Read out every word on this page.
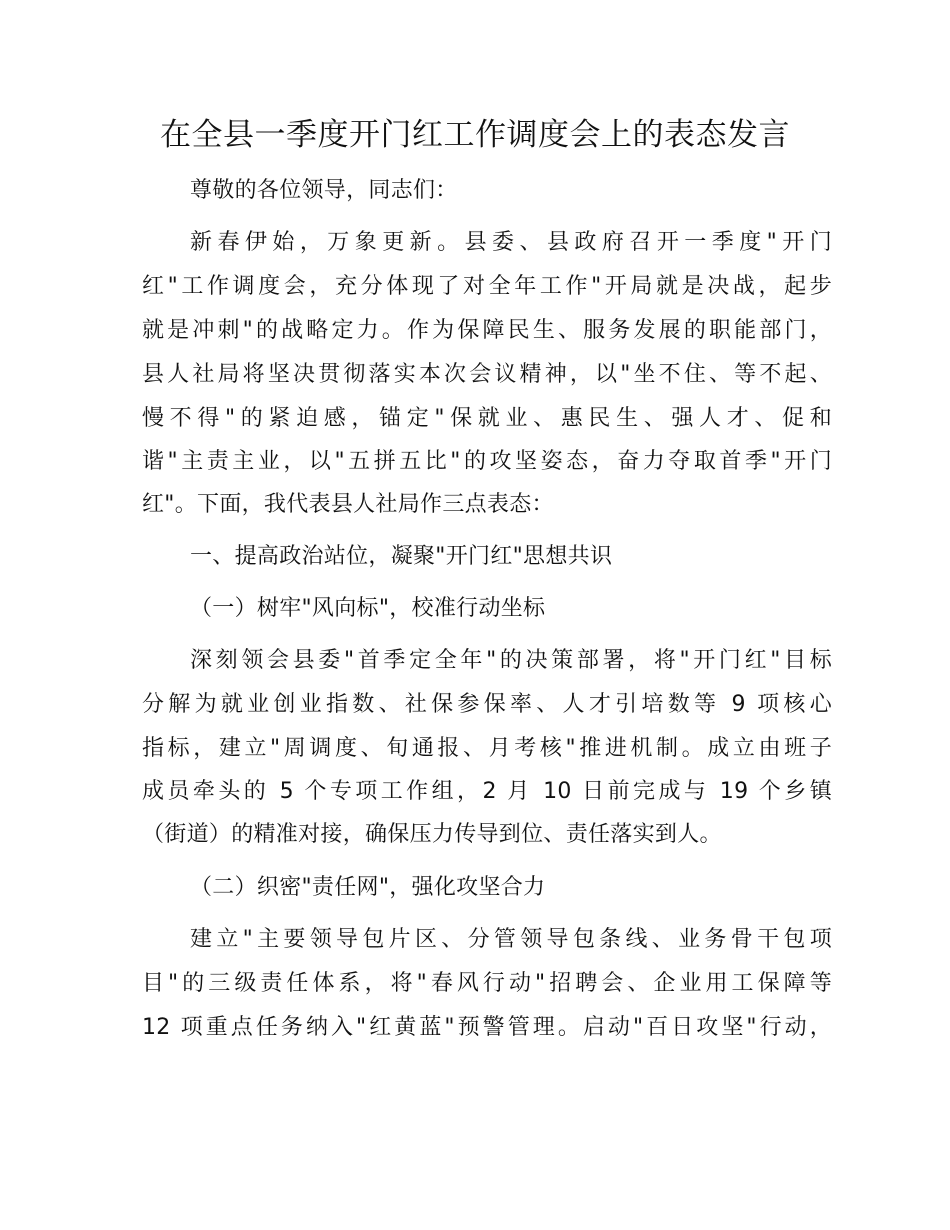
在全县一季度开门红工作调度会上的表态发言
尊敬的各位领导，同志们：
新春伊始，万象更新。县委、县政府召开一季度"开门
红"工作调度会，充分体现了对全年工作"开局就是决战，起步
就是冲刺"的战略定力。作为保障民生、服务发展的职能部门，
县人社局将坚决贯彻落实本次会议精神，以"坐不住、等不起、
慢不得"的紧迫感，锚定"保就业、惠民生、强人才、促和
谐"主责主业，以"五拼五比"的攻坚姿态，奋力夺取首季"开门
红"。下面，我代表县人社局作三点表态：
一、提高政治站位，凝聚"开门红"思想共识
（一）树牢"风向标"，校准行动坐标
深刻领会县委"首季定全年"的决策部署，将"开门红"目标
分解为就业创业指数、社保参保率、人才引培数等 9 项核心
指标，建立"周调度、旬通报、月考核"推进机制。成立由班子
成员牵头的 5 个专项工作组，2 月 10 日前完成与 19 个乡镇
（街道）的精准对接，确保压力传导到位、责任落实到人。
（二）织密"责任网"，强化攻坚合力
建立"主要领导包片区、分管领导包条线、业务骨干包项
目"的三级责任体系，将"春风行动"招聘会、企业用工保障等
12 项重点任务纳入"红黄蓝"预警管理。启动"百日攻坚"行动，
